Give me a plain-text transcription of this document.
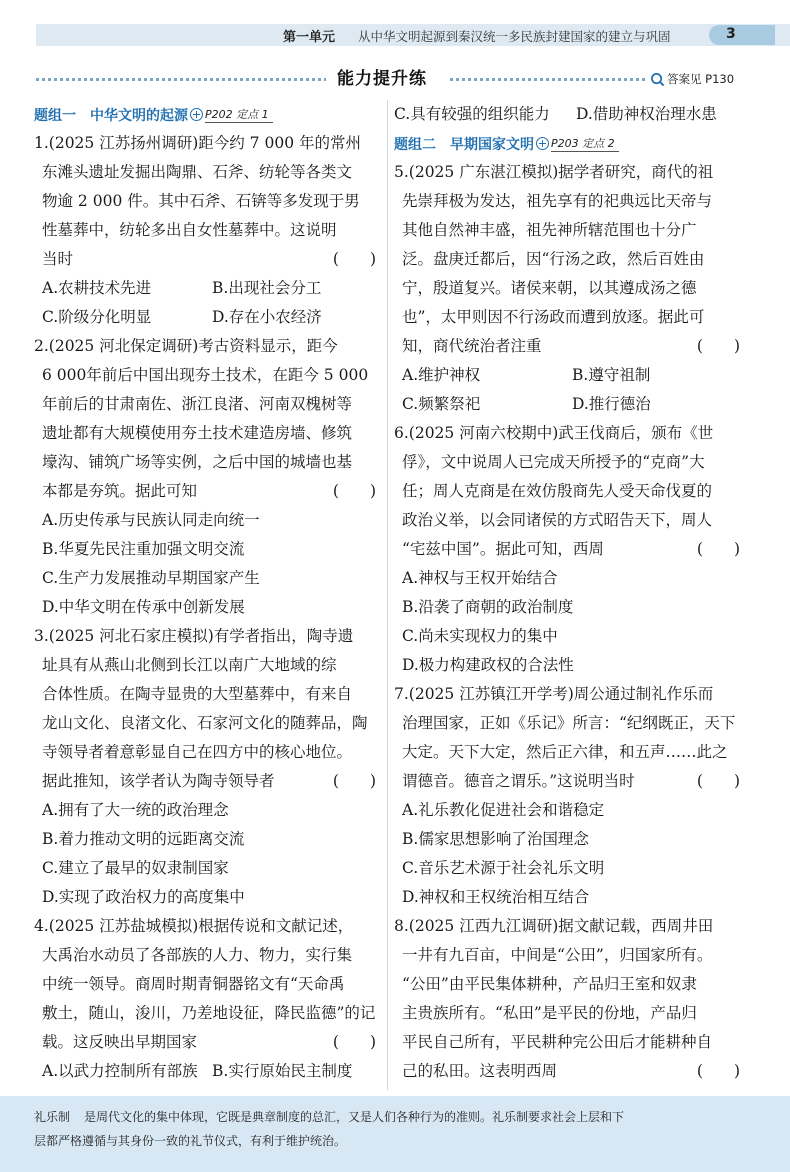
第一单元 从中华文明起源到秦汉统一多民族封建国家的建立与巩固	3
能力提升练	答案见 P130
题组一 中华文明的起源 P202 定点 1
1.(2025 江苏扬州调研)距今约 7 000 年的常州
东滩头遗址发掘出陶鼎、石斧、纺轮等各类文
物逾 2 000 件。其中石斧、石锛等多发现于男
性墓葬中，纺轮多出自女性墓葬中。这说明
当时	(　　)
A.农耕技术先进	B.出现社会分工
C.阶级分化明显	D.存在小农经济
2.(2025 河北保定调研)考古资料显示，距今
6 000年前后中国出现夯土技术，在距今 5 000
年前后的甘肃南佐、浙江良渚、河南双槐树等
遗址都有大规模使用夯土技术建造房墙、修筑
壕沟、铺筑广场等实例，之后中国的城墙也基
本都是夯筑。据此可知	(　　)
A.历史传承与民族认同走向统一
B.华夏先民注重加强文明交流
C.生产力发展推动早期国家产生
D.中华文明在传承中创新发展
3.(2025 河北石家庄模拟)有学者指出，陶寺遗
址具有从燕山北侧到长江以南广大地域的综
合体性质。在陶寺显贵的大型墓葬中，有来自
龙山文化、良渚文化、石家河文化的随葬品，陶
寺领导者着意彰显自己在四方中的核心地位。
据此推知，该学者认为陶寺领导者	(　　)
A.拥有了大一统的政治理念
B.着力推动文明的远距离交流
C.建立了最早的奴隶制国家
D.实现了政治权力的高度集中
4.(2025 江苏盐城模拟)根据传说和文献记述，
大禹治水动员了各部族的人力、物力，实行集
中统一领导。商周时期青铜器铭文有“天命禹
敷土，随山，浚川，乃差地设征，降民监德”的记
载。这反映出早期国家	(　　)
A.以武力控制所有部族 B.实行原始民主制度
C.具有较强的组织能力	D.借助神权治理水患
题组二 早期国家文明 P203 定点 2
5.(2025 广东湛江模拟)据学者研究，商代的祖
先崇拜极为发达，祖先享有的祀典远比天帝与
其他自然神丰盛，祖先神所辖范围也十分广
泛。盘庚迁都后，因“行汤之政，然后百姓由
宁，殷道复兴。诸侯来朝，以其遵成汤之德
也”，太甲则因不行汤政而遭到放逐。据此可
知，商代统治者注重	(　　)
A.维护神权	B.遵守祖制
C.频繁祭祀	D.推行德治
6.(2025 河南六校期中)武王伐商后，颁布《世
俘》，文中说周人已完成天所授予的“克商”大
任；周人克商是在效仿殷商先人受天命伐夏的
政治义举，以会同诸侯的方式昭告天下，周人
“宅兹中国”。据此可知，西周	(　　)
A.神权与王权开始结合
B.沿袭了商朝的政治制度
C.尚未实现权力的集中
D.极力构建政权的合法性
7.(2025 江苏镇江开学考)周公通过制礼作乐而
治理国家，正如《乐记》所言：“纪纲既正，天下
大定。天下大定，然后正六律，和五声……此之
谓德音。德音之谓乐。”这说明当时	(　　)
A.礼乐教化促进社会和谐稳定
B.儒家思想影响了治国理念
C.音乐艺术源于社会礼乐文明
D.神权和王权统治相互结合
8.(2025 江西九江调研)据文献记载，西周井田
一井有九百亩，中间是“公田”，归国家所有。
“公田”由平民集体耕种，产品归王室和奴隶
主贵族所有。“私田”是平民的份地，产品归
平民自己所有，平民耕种完公田后才能耕种自
己的私田。这表明西周	(　　)
礼乐制 是周代文化的集中体现，它既是典章制度的总汇，又是人们各种行为的准则。礼乐制要求社会上层和下
层都严格遵循与其身份一致的礼节仪式，有利于维护统治。
